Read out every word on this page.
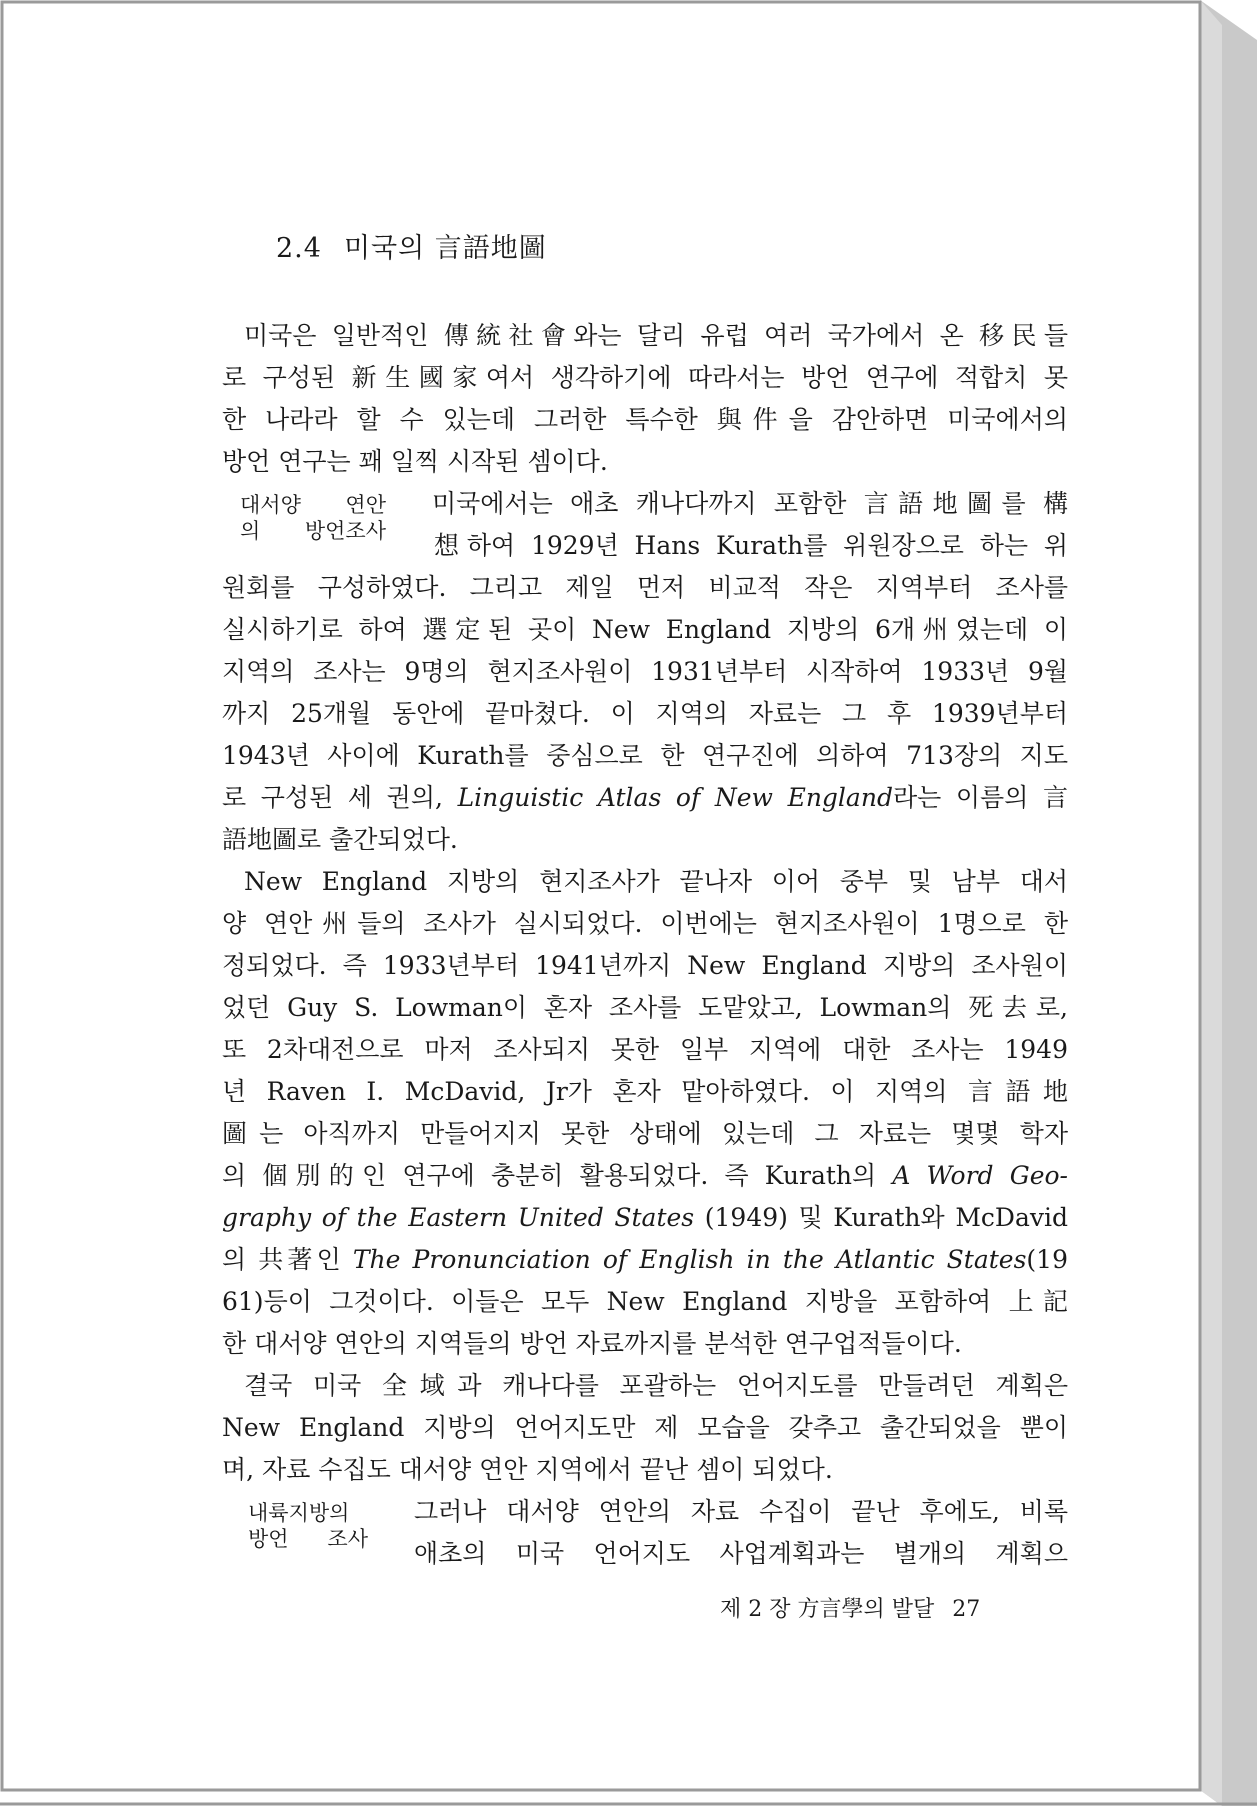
2.4 미국의 言語地圖
미국은 일반적인 傳統社會와는 달리 유럽 여러 국가에서 온 移民들
로 구성된 新生國家여서 생각하기에 따라서는 방언 연구에 적합치 못
한 나라라 할 수 있는데 그러한 특수한 與件을 감안하면 미국에서의
방언 연구는 꽤 일찍 시작된 셈이다.
대서양 연안
의 방언조사
미국에서는 애초 캐나다까지 포함한 言語地圖를 構
想하여 1929년 Hans Kurath를 위원장으로 하는 위
원회를 구성하였다. 그리고 제일 먼저 비교적 작은 지역부터 조사를
실시하기로 하여 選定된 곳이 New England 지방의 6개州였는데 이
지역의 조사는 9명의 현지조사원이 1931년부터 시작하여 1933년 9월
까지 25개월 동안에 끝마쳤다. 이 지역의 자료는 그 후 1939년부터
1943년 사이에 Kurath를 중심으로 한 연구진에 의하여 713장의 지도
로 구성된 세 권의, Linguistic Atlas of New England라는 이름의 言
語地圖로 출간되었다.
New England 지방의 현지조사가 끝나자 이어 중부 및 남부 대서
양 연안州들의 조사가 실시되었다. 이번에는 현지조사원이 1명으로 한
정되었다. 즉 1933년부터 1941년까지 New England 지방의 조사원이
었던 Guy S. Lowman이 혼자 조사를 도맡았고, Lowman의 死去로,
또 2차대전으로 마저 조사되지 못한 일부 지역에 대한 조사는 1949
년 Raven I. McDavid, Jr가 혼자 맡아하였다. 이 지역의 言語地
圖는 아직까지 만들어지지 못한 상태에 있는데 그 자료는 몇몇 학자
의 個別的인 연구에 충분히 활용되었다. 즉 Kurath의 A Word Geo-
graphy of the Eastern United States (1949) 및 Kurath와 McDavid
의 共著인 The Pronunciation of English in the Atlantic States(19
61)등이 그것이다. 이들은 모두 New England 지방을 포함하여 上記
한 대서양 연안의 지역들의 방언 자료까지를 분석한 연구업적들이다.
결국 미국 全域과 캐나다를 포괄하는 언어지도를 만들려던 계획은
New England 지방의 언어지도만 제 모습을 갖추고 출간되었을 뿐이
며, 자료 수집도 대서양 연안 지역에서 끝난 셈이 되었다.
내륙지방의
방언 조사
그러나 대서양 연안의 자료 수집이 끝난 후에도, 비록
애초의 미국 언어지도 사업계획과는 별개의 계획으
제 2 장 方言學의 발달 27
